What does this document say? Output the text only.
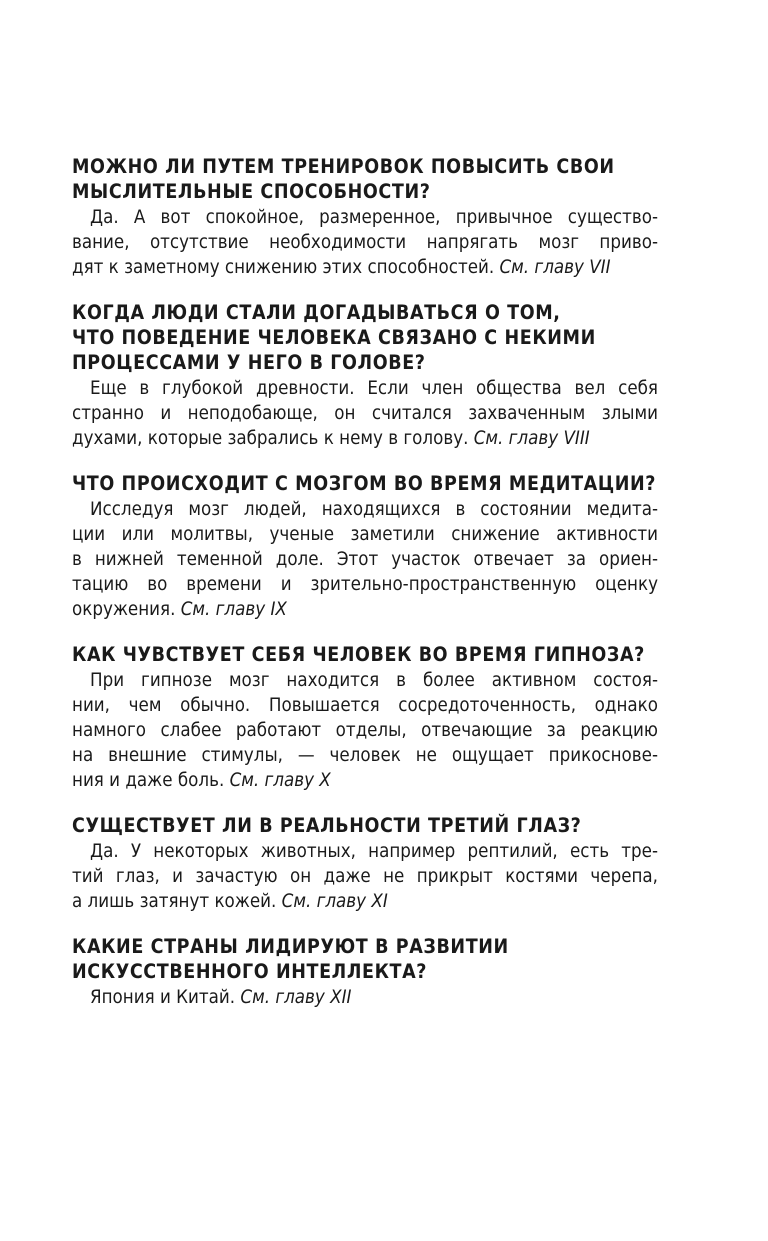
МОЖНО ЛИ ПУТЕМ ТРЕНИРОВОК ПОВЫСИТЬ СВОИ
МЫСЛИТЕЛЬНЫЕ СПОСОБНОСТИ?

Да. А вот спокойное, размеренное, привычное существо-
вание, отсутствие необходимости напрягать мозг приво-
дят к заметному снижению этих способностей. См. главу VII

КОГДА ЛЮДИ СТАЛИ ДОГАДЫВАТЬСЯ О ТОМ,
ЧТО ПОВЕДЕНИЕ ЧЕЛОВЕКА СВЯЗАНО С НЕКИМИ
ПРОЦЕССАМИ У НЕГО В ГОЛОВЕ?

Еще в глубокой древности. Если член общества вел себя
странно и неподобающе, он считался захваченным злыми
духами, которые забрались к нему в голову. См. главу VIII

ЧТО ПРОИСХОДИТ С МОЗГОМ ВО ВРЕМЯ МЕДИТАЦИИ?

Исследуя мозг людей, находящихся в состоянии медита-
ции или молитвы, ученые заметили снижение активности
в нижней теменной доле. Этот участок отвечает за ориен-
тацию во времени и зрительно-пространственную оценку
окружения. См. главу IX

КАК ЧУВСТВУЕТ СЕБЯ ЧЕЛОВЕК ВО ВРЕМЯ ГИПНОЗА?

При гипнозе мозг находится в более активном состоя-
нии, чем обычно. Повышается сосредоточенность, однако
намного слабее работают отделы, отвечающие за реакцию
на внешние стимулы, — человек не ощущает прикоснове-
ния и даже боль. См. главу X

СУЩЕСТВУЕТ ЛИ В РЕАЛЬНОСТИ ТРЕТИЙ ГЛАЗ?

Да. У некоторых животных, например рептилий, есть тре-
тий глаз, и зачастую он даже не прикрыт костями черепа,
а лишь затянут кожей. См. главу XI

КАКИЕ СТРАНЫ ЛИДИРУЮТ В РАЗВИТИИ
ИСКУССТВЕННОГО ИНТЕЛЛЕКТА?

Япония и Китай. См. главу XII
